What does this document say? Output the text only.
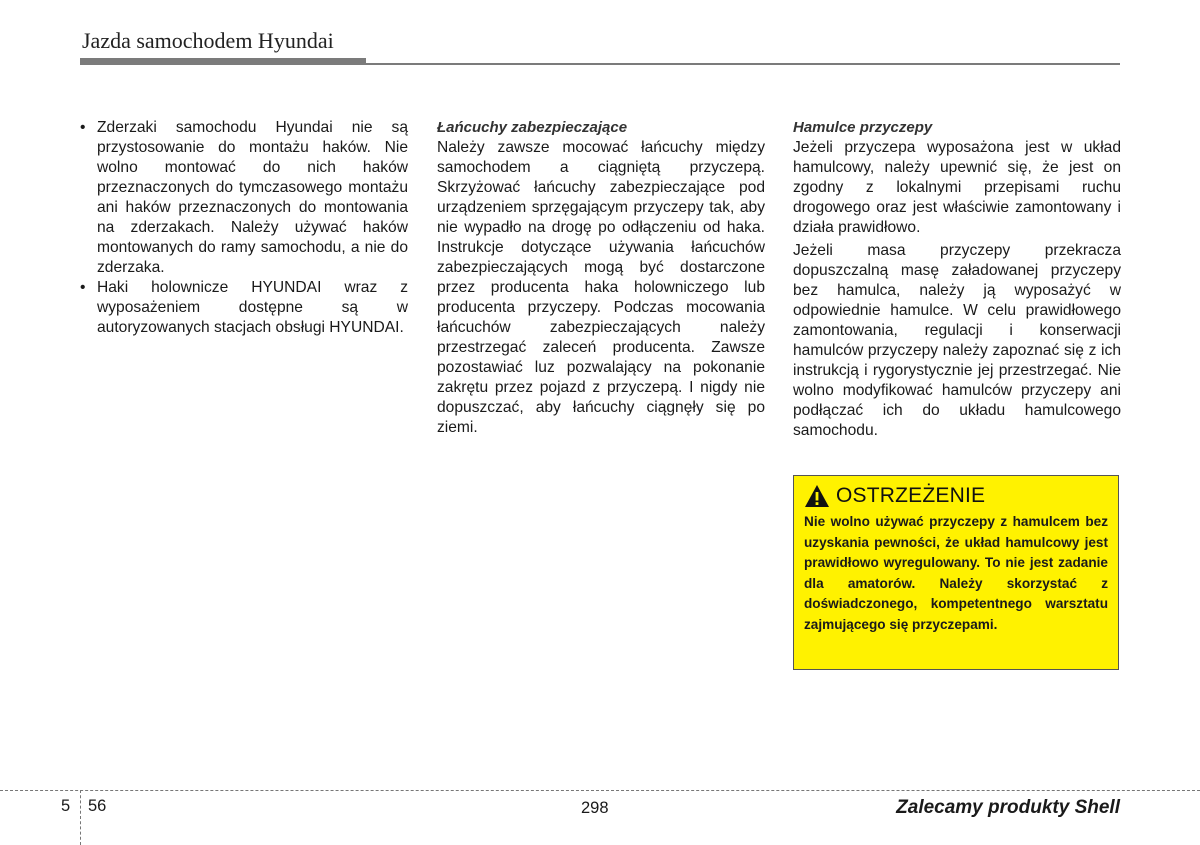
Jazda samochodem Hyundai
• Zderzaki samochodu Hyundai nie są przystosowanie do montażu haków. Nie wolno montować do nich haków przeznaczonych do tymczasowego montażu ani haków przeznaczonych do montowania na zderzakach. Należy używać haków montowanych do ramy samochodu, a nie do zderzaka.
• Haki holownicze HYUNDAI wraz z wyposażeniem dostępne są w autoryzowanych stacjach obsługi HYUNDAI.

Łańcuchy zabezpieczające

Należy zawsze mocować łańcuchy między samochodem a ciągniętą przyczepą. Skrzyżować łańcuchy zabezpieczające pod urządzeniem sprzęgającym przyczepy tak, aby nie wypadło na drogę po odłączeniu od haka. Instrukcje dotyczące używania łańcuchów zabezpieczających mogą być dostarczone przez producenta haka holowniczego lub producenta przyczepy. Podczas mocowania łańcuchów zabezpieczających należy przestrzegać zaleceń producenta. Zawsze pozostawiać luz pozwalający na pokonanie zakrętu przez pojazd z przyczepą. I nigdy nie dopuszczać, aby łańcuchy ciągnęły się po ziemi.

Hamulce przyczepy

Jeżeli przyczepa wyposażona jest w układ hamulcowy, należy upewnić się, że jest on zgodny z lokalnymi przepisami ruchu drogowego oraz jest właściwie zamontowany i działa prawidłowo.

Jeżeli masa przyczepy przekracza dopuszczalną masę załadowanej przyczepy bez hamulca, należy ją wyposażyć w odpowiednie hamulce. W celu prawidłowego zamontowania, regulacji i konserwacji hamulców przyczepy należy zapoznać się z ich instrukcją i rygorystycznie jej przestrzegać. Nie wolno modyfikować hamulców przyczepy ani podłączać ich do układu hamulcowego samochodu.

OSTRZEŻENIE

Nie wolno używać przyczepy z hamulcem bez uzyskania pewności, że układ hamulcowy jest prawidłowo wyregulowany. To nie jest zadanie dla amatorów. Należy skorzystać z doświadczonego, kompetentnego warsztatu zajmującego się przyczepami.

5 56	298	Zalecamy produkty Shell
